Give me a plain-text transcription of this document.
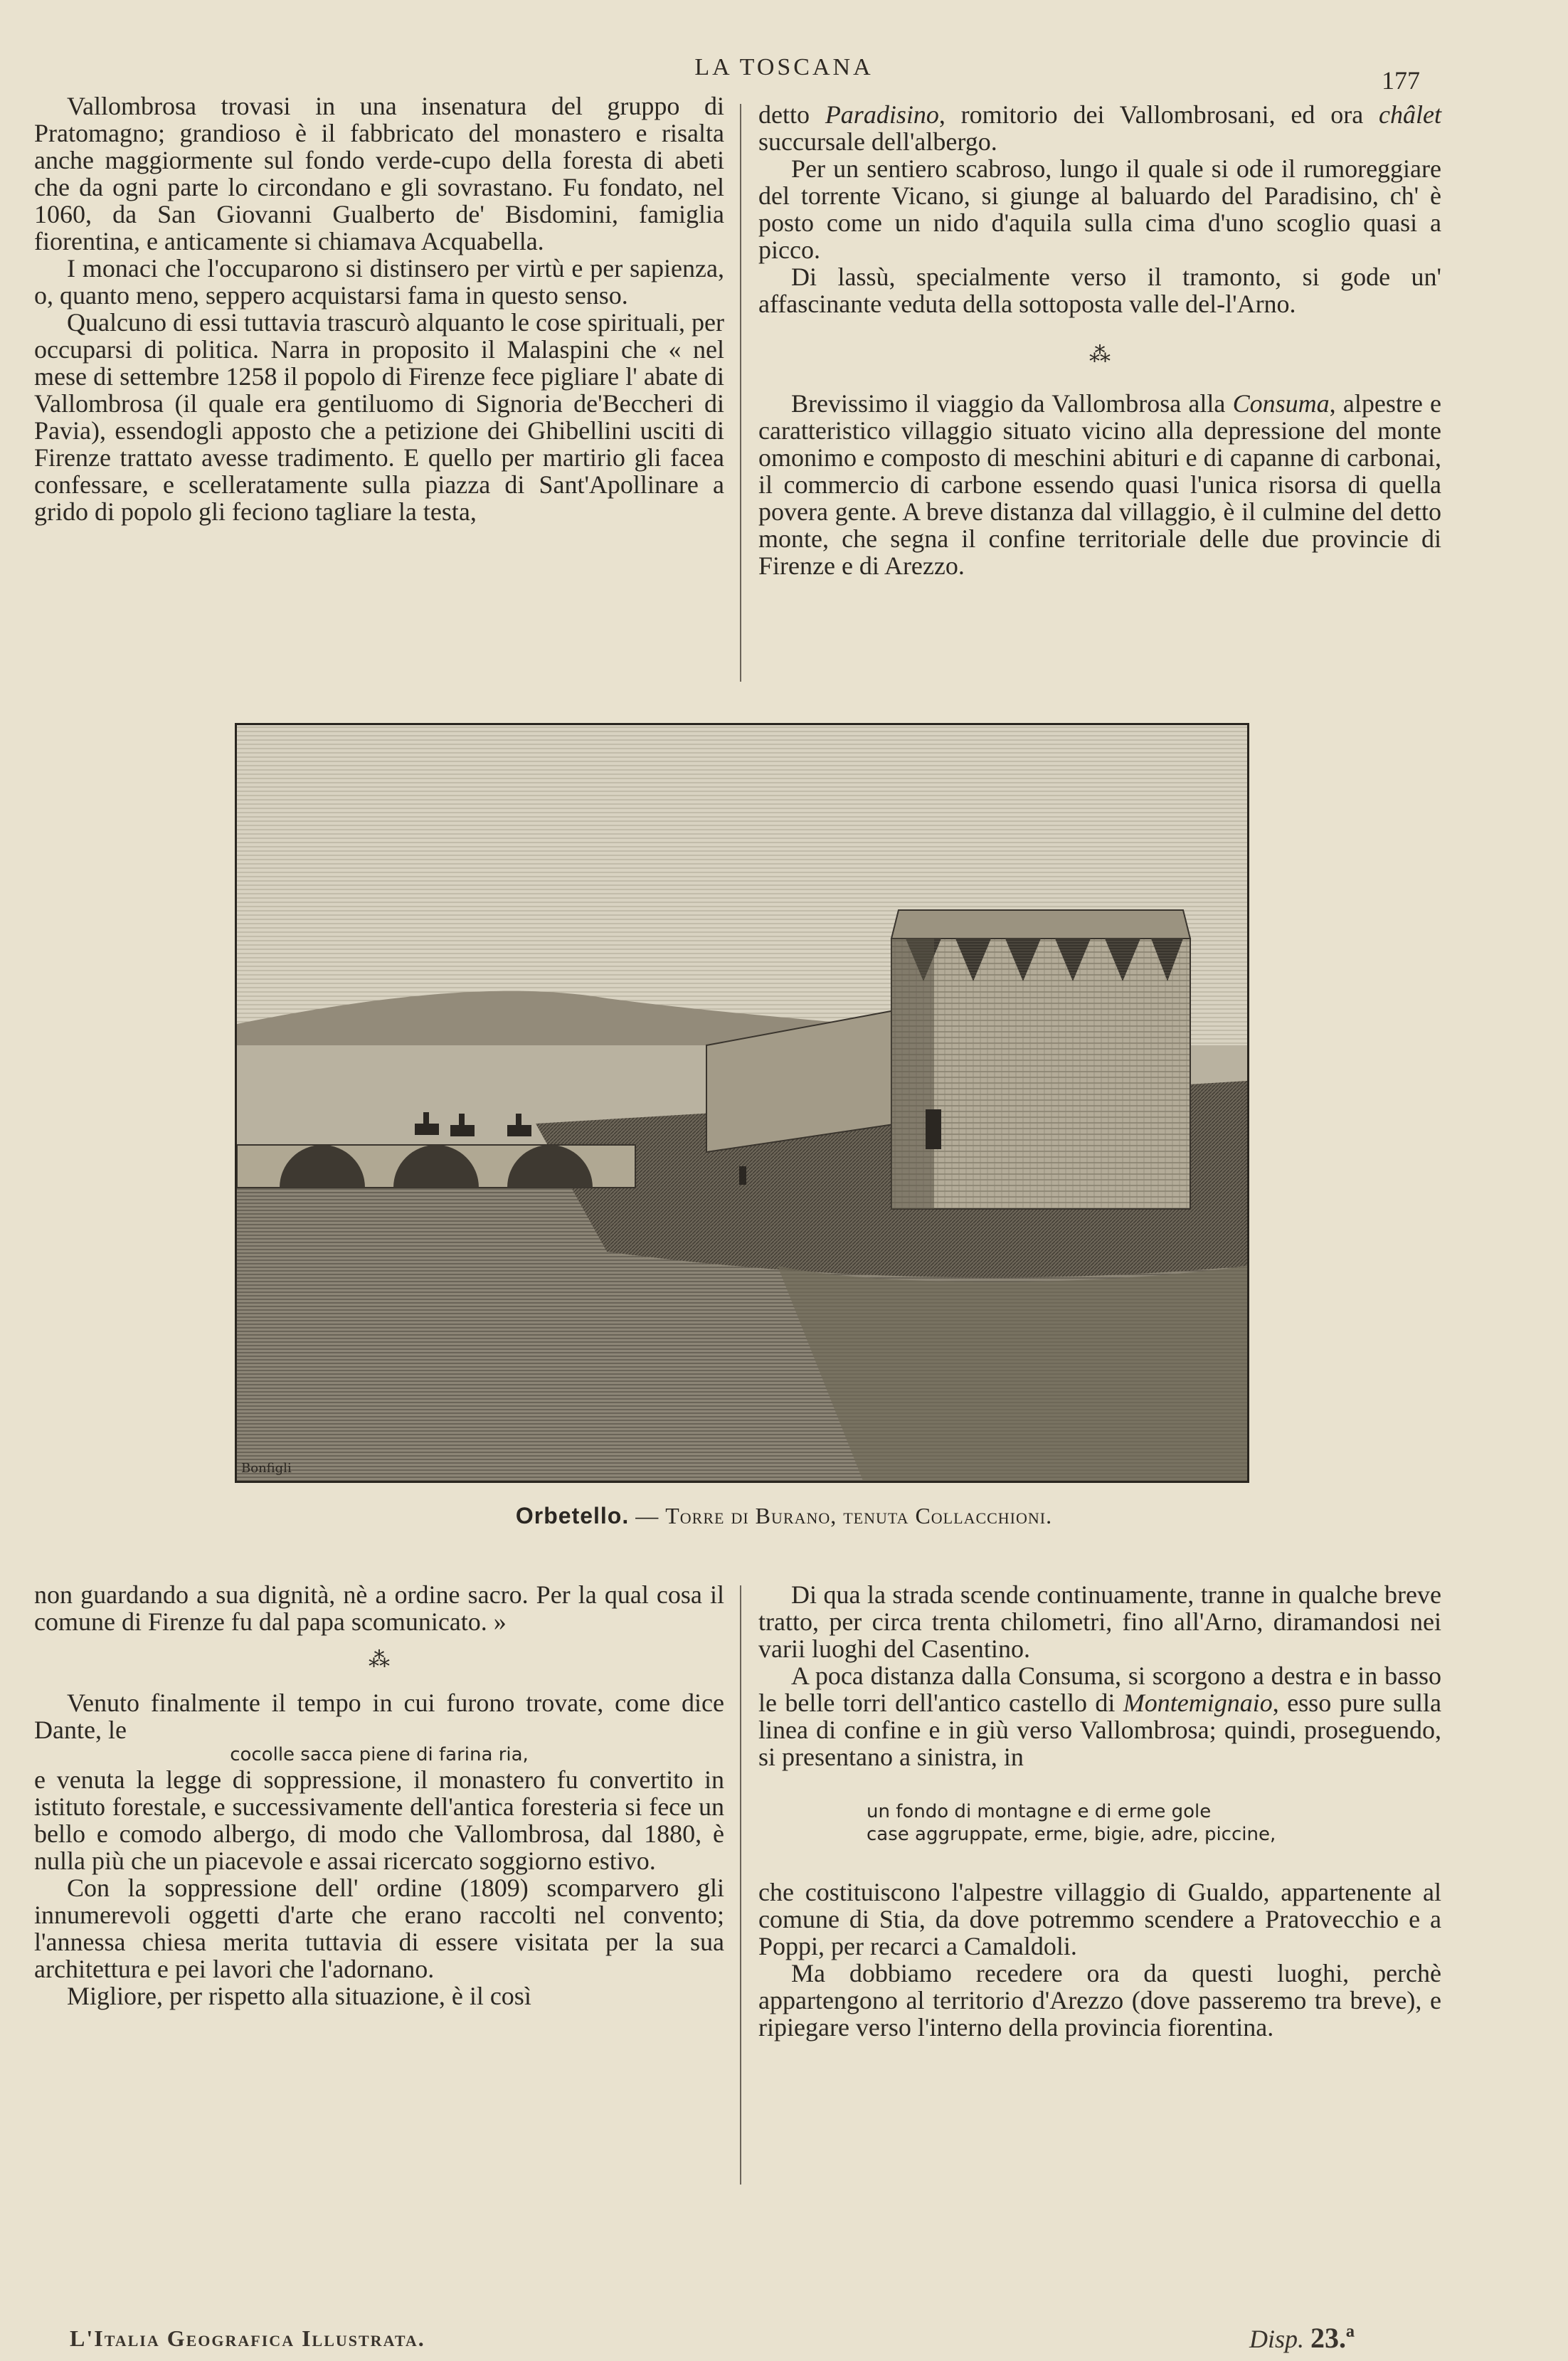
LA TOSCANA	177

Vallombrosa trovasi in una insenatura del gruppo di Pratomagno; grandioso è il fabbricato del monastero e risalta anche maggiormente sul fondo verde-cupo della foresta di abeti che da ogni parte lo circondano e gli sovrastano. Fu fondato, nel 1060, da San Giovanni Gualberto de' Bisdomini, famiglia fiorentina, e anticamente si chiamava Acquabella.

I monaci che l'occuparono si distinsero per virtù e per sapienza, o, quanto meno, seppero acquistarsi fama in questo senso.

Qualcuno di essi tuttavia trascurò alquanto le cose spirituali, per occuparsi di politica. Narra in proposito il Malaspini che « nel mese di settembre 1258 il popolo di Firenze fece pigliare l' abate di Vallombrosa (il quale era gentiluomo di Signoria de'Beccheri di Pavia), essendogli apposto che a petizione dei Ghibellini usciti di Firenze trattato avesse tradimento. E quello per martirio gli facea confessare, e scelleratamente sulla piazza di Sant'Apollinare a grido di popolo gli feciono tagliare la testa,

detto Paradisino, romitorio dei Vallombrosani, ed ora châlet succursale dell'albergo.

Per un sentiero scabroso, lungo il quale si ode il rumoreggiare del torrente Vicano, si giunge al baluardo del Paradisino, ch' è posto come un nido d'aquila sulla cima d'uno scoglio quasi a picco.

Di lassù, specialmente verso il tramonto, si gode un' affascinante veduta della sottoposta valle del-l'Arno.

⁂

Brevissimo il viaggio da Vallombrosa alla Consuma, alpestre e caratteristico villaggio situato vicino alla depressione del monte omonimo e composto di meschini abituri e di capanne di carbonai, il commercio di carbone essendo quasi l'unica risorsa di quella povera gente. A breve distanza dal villaggio, è il culmine del detto monte, che segna il confine territoriale delle due provincie di Firenze e di Arezzo.

Bonfigli
Orbetello. — Torre di Burano, tenuta Collacchioni.

non guardando a sua dignità, nè a ordine sacro. Per la qual cosa il comune di Firenze fu dal papa scomunicato. »

⁂

Venuto finalmente il tempo in cui furono trovate, come dice Dante, le

cocolle sacca piene di farina ria,

e venuta la legge di soppressione, il monastero fu convertito in istituto forestale, e successivamente dell'antica foresteria si fece un bello e comodo albergo, di modo che Vallombrosa, dal 1880, è nulla più che un piacevole e assai ricercato soggiorno estivo.

Con la soppressione dell' ordine (1809) scomparvero gli innumerevoli oggetti d'arte che erano raccolti nel convento; l'annessa chiesa merita tuttavia di essere visitata per la sua architettura e pei lavori che l'adornano.

Migliore, per rispetto alla situazione, è il così

Di qua la strada scende continuamente, tranne in qualche breve tratto, per circa trenta chilometri, fino all'Arno, diramandosi nei varii luoghi del Casentino.

A poca distanza dalla Consuma, si scorgono a destra e in basso le belle torri dell'antico castello di Montemignaio, esso pure sulla linea di confine e in giù verso Vallombrosa; quindi, proseguendo, si presentano a sinistra, in

un fondo di montagne e di erme gole
case aggruppate, erme, bigie, adre, piccine,

che costituiscono l'alpestre villaggio di Gualdo, appartenente al comune di Stia, da dove potremmo scendere a Pratovecchio e a Poppi, per recarci a Camaldoli.

Ma dobbiamo recedere ora da questi luoghi, perchè appartengono al territorio d'Arezzo (dove passeremo tra breve), e ripiegare verso l'interno della provincia fiorentina.

L'Italia Geografica Illustrata.	Disp. 23.ª
